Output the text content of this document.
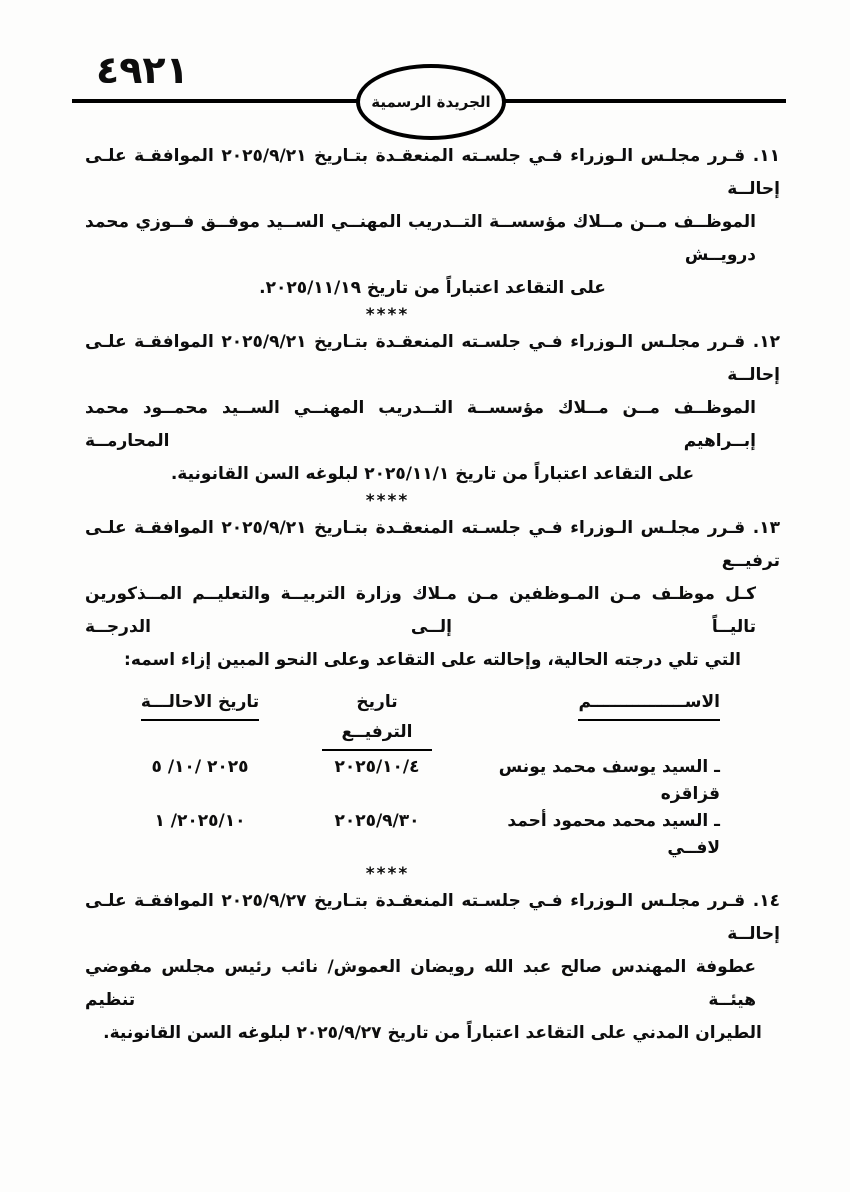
٤٩٢١
الجريدة الرسمية
١١. قـرر مجلـس الـوزراء فـي جلسـته المنعقـدة بتـاريخ ٢٠٢٥/٩/٢١ الموافقـة علـى إحالــة
الموظــف مــن مــلاك مؤسســة التــدريب المهنــي الســيد موفــق فــوزي محمد درويــش
على التقاعد اعتباراً من تاريخ ٢٠٢٥/١١/١٩.
****
١٢. قـرر مجلـس الـوزراء فـي جلسـته المنعقـدة بتـاريخ ٢٠٢٥/٩/٢١ الموافقـة علـى إحالــة
الموظــف مــن مــلاك مؤسســة التــدريب المهنــي الســيد محمــود محمد إبــراهيم المحارمــة
على التقاعد اعتباراً من تاريخ ٢٠٢٥/١١/١ لبلوغه السن القانونية.
****
١٣. قـرر مجلـس الـوزراء فـي جلسـته المنعقـدة بتـاريخ ٢٠٢٥/٩/٢١ الموافقـة علـى ترفيــع
كـل موظـف مـن المـوظفين مـن مـلاك وزارة التربيــة والتعليــم المــذكورين تاليــاً إلــى الدرجــة
التي تلي درجته الحالية، وإحالته على التقاعد وعلى النحو المبين إزاء اسمه:
الاســــــــــــــــم
تاريخ الترفيــع
تاريخ الاحالـــة
ـ السيد يوسف محمد يونس قزاقزه
٢٠٢٥/١٠/٤
٢٠٢٥ /١٠/ ٥
ـ السيد محمد محمود أحمد لافــي
٢٠٢٥/٩/٣٠
٢٠٢٥/١٠/ ١
****
١٤. قـرر مجلـس الـوزراء فـي جلسـته المنعقـدة بتـاريخ ٢٠٢٥/٩/٢٧ الموافقـة علـى إحالــة
عطوفة المهندس صالح عبد الله رويضان العموش/ نائب رئيس مجلس مفوضي هيئــة تنظيم
الطيران المدني على التقاعد اعتباراً من تاريخ ٢٠٢٥/٩/٢٧ لبلوغه السن القانونية.
